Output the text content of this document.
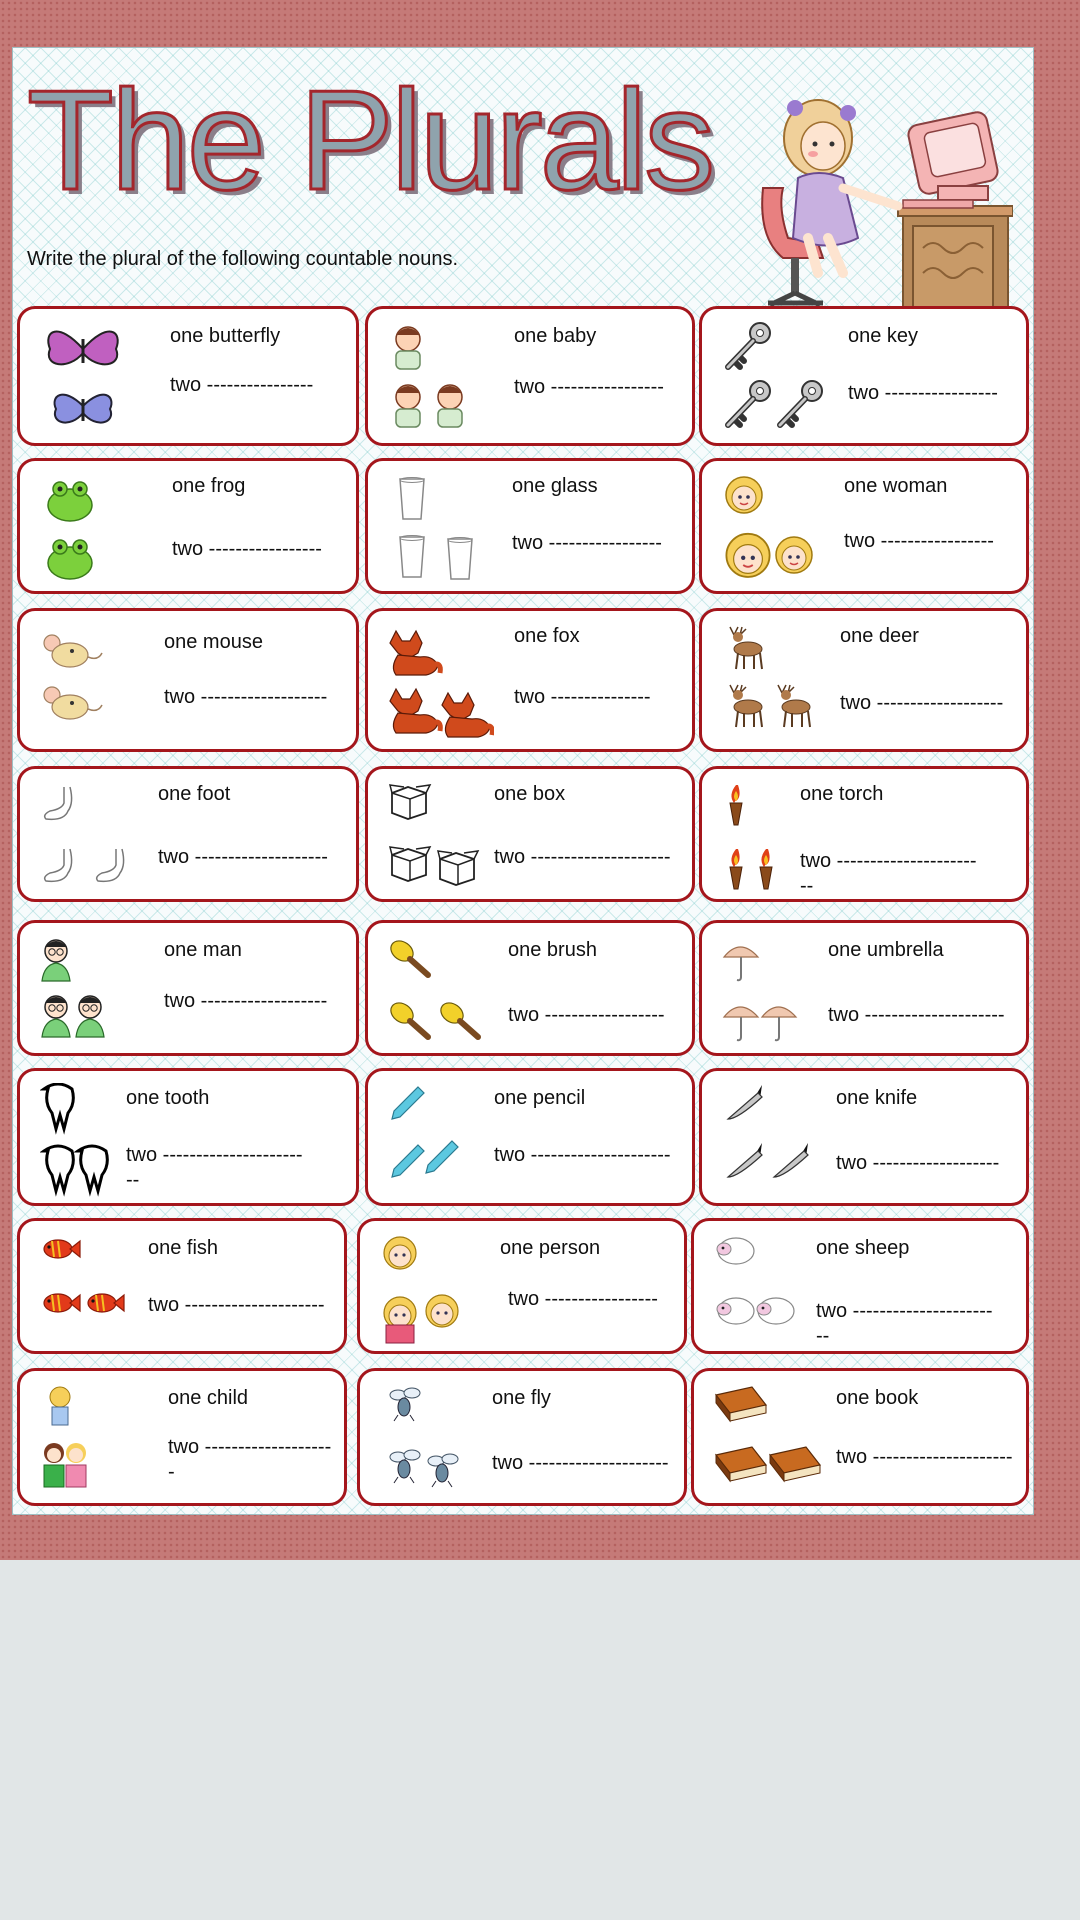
The Plurals

Write the plural of the following countable nouns.

one butterfly
two ----------------
one baby
two -----------------
one key
two -----------------
one frog
two -----------------
one glass
two -----------------
one woman
two -----------------
one mouse
two -------------------
one fox
two ---------------
one deer
two -------------------
one foot
two --------------------
one box
two ---------------------
one torch
two -----------------------
one man
two -------------------
one brush
two ------------------
one umbrella
two ---------------------
one tooth
two -----------------------
one pencil
two ---------------------
one knife
two -------------------
one fish
two ---------------------
one person
two -----------------
one sheep
two -----------------------
one child
two -------------------
-
one fly
two ---------------------
one book
two ---------------------
